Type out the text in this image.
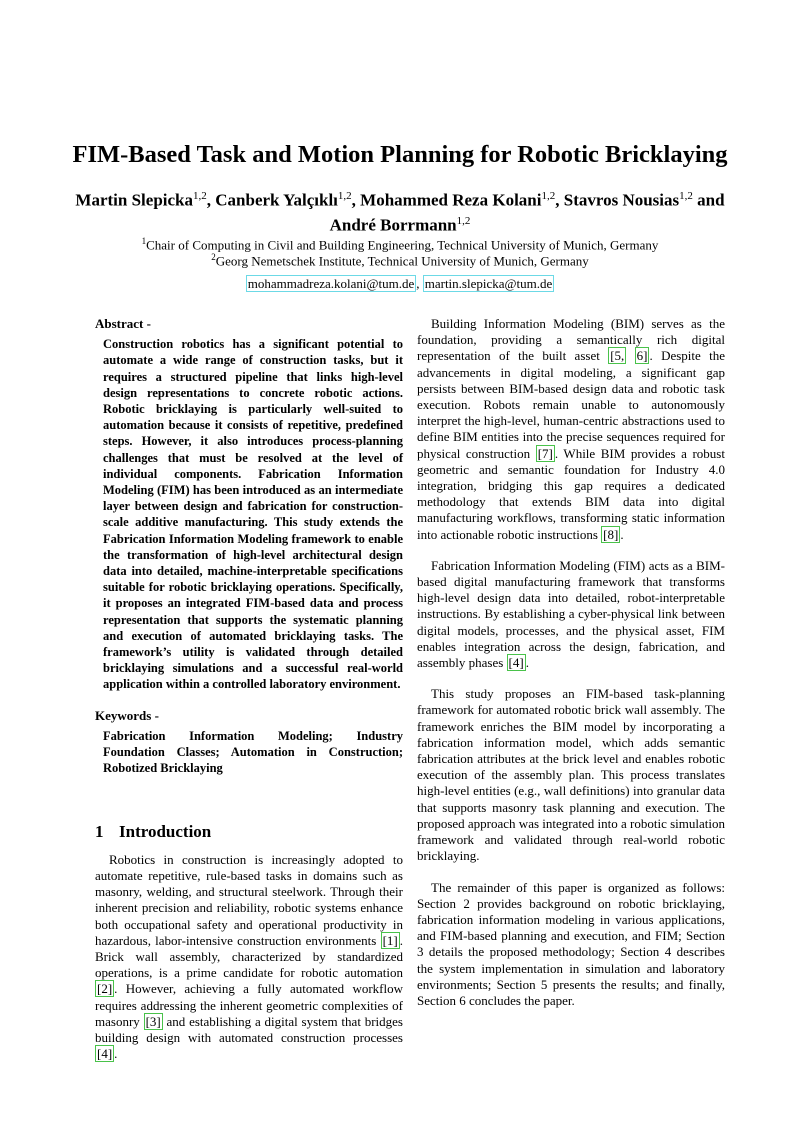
FIM-Based Task and Motion Planning for Robotic Bricklaying
Martin Slepicka$^{1,2}$, Canberk Yalçıklı$^{1,2}$, Mohammed Reza Kolani$^{1,2}$, Stavros Nousias$^{1,2}$ and
André Borrmann$^{1,2}$
$^1$Chair of Computing in Civil and Building Engineering, Technical University of Munich, Germany
$^2$Georg Nemetschek Institute, Technical University of Munich, Germany
mohammadreza.kolani@tum.de , martin.slepicka@tum.de
Abstract -

Construction robotics has a significant potential to automate a wide range of construction tasks, but it requires a structured pipeline that links high-level design representations to concrete robotic actions. Robotic bricklaying is particularly well-suited to automation because it consists of repetitive, predefined steps. However, it also introduces process-planning challenges that must be resolved at the level of individual components. Fabrication Information Modeling (FIM) has been introduced as an intermediate layer between design and fabrication for construction-scale additive manufacturing. This study extends the Fabrication Information Modeling framework to enable the transformation of high-level architectural design data into detailed, machine-interpretable specifications suitable for robotic bricklaying operations. Specifically, it proposes an integrated FIM-based data and process representation that supports the systematic planning and execution of automated bricklaying tasks. The framework’s utility is validated through detailed bricklaying simulations and a successful real-world application within a controlled laboratory environment.

Keywords -

Fabrication Information Modeling; Industry Foundation Classes; Automation in Construction; Robotized Bricklaying

1 Introduction

Robotics in construction is increasingly adopted to automate repetitive, rule-based tasks in domains such as masonry, welding, and structural steelwork. Through their inherent precision and reliability, robotic systems enhance both occupational safety and operational productivity in hazardous, labor-intensive construction environments [1] . Brick wall assembly, characterized by standardized operations, is a prime candidate for robotic automation [2] . However, achieving a fully automated workflow requires addressing the inherent geometric complexities of masonry [3] and establishing a digital system that bridges building design with automated construction processes [4] .

Building Information Modeling (BIM) serves as the foundation, providing a semantically rich digital representation of the built asset [5, 6] . Despite the advancements in digital modeling, a significant gap persists between BIM-based design data and robotic task execution. Robots remain unable to autonomously interpret the high-level, human-centric abstractions used to define BIM entities into the precise sequences required for physical construction [7] . While BIM provides a robust geometric and semantic foundation for Industry 4.0 integration, bridging this gap requires a dedicated methodology that extends BIM data into digital manufacturing workflows, transforming static information into actionable robotic instructions [8] .

Fabrication Information Modeling (FIM) acts as a BIM-based digital manufacturing framework that transforms high-level design data into detailed, robot-interpretable instructions. By establishing a cyber-physical link between digital models, processes, and the physical asset, FIM enables integration across the design, fabrication, and assembly phases [4] .

This study proposes an FIM-based task-planning framework for automated robotic brick wall assembly. The framework enriches the BIM model by incorporating a fabrication information model, which adds semantic fabrication attributes at the brick level and enables robotic execution of the assembly plan. This process translates high-level entities (e.g., wall definitions) into granular data that supports masonry task planning and execution. The proposed approach was integrated into a robotic simulation framework and validated through real-world robotic bricklaying.

The remainder of this paper is organized as follows: Section 2 provides background on robotic bricklaying, fabrication information modeling in various applications, and FIM-based planning and execution, and FIM; Section 3 details the proposed methodology; Section 4 describes the system implementation in simulation and laboratory environments; Section 5 presents the results; and finally, Section 6 concludes the paper.
